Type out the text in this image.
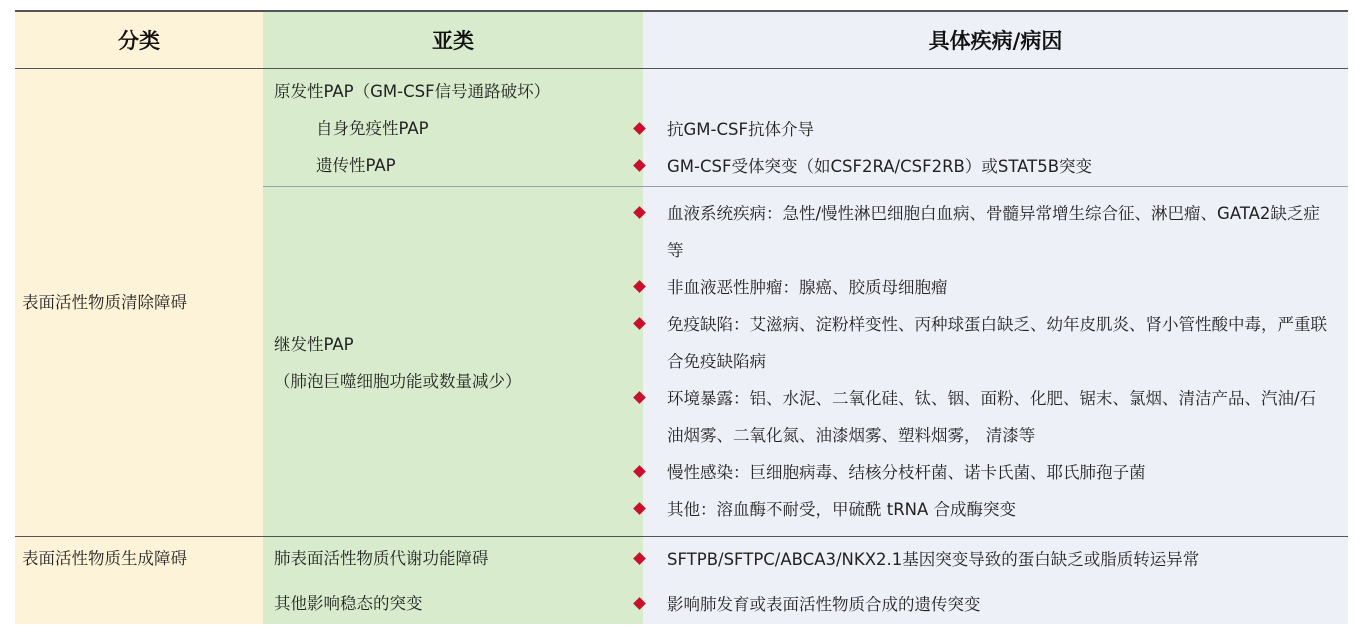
分类	亚类	具体疾病/病因
表面活性物质清除障碍
表面活性物质生成障碍
原发性PAP（GM-CSF信号通路破坏）
自身免疫性PAP
遗传性PAP
继发性PAP
（肺泡巨噬细胞功能或数量减少）
肺表面活性物质代谢功能障碍
其他影响稳态的突变
抗GM-CSF抗体介导
GM-CSF受体突变（如CSF2RA/CSF2RB）或STAT5B突变
血液系统疾病：急性/慢性淋巴细胞白血病、骨髓异常增生综合征、淋巴瘤、GATA2缺乏症等
非血液恶性肿瘤：腺癌、胶质母细胞瘤
免疫缺陷：艾滋病、淀粉样变性、丙种球蛋白缺乏、幼年皮肌炎、肾小管性酸中毒，严重联合免疫缺陷病
环境暴露：铝、水泥、二氧化硅、钛、铟、面粉、化肥、锯末、氯烟、清洁产品、汽油/石油烟雾、二氧化氮、油漆烟雾、塑料烟雾， 清漆等
慢性感染：巨细胞病毒、结核分枝杆菌、诺卡氏菌、耶氏肺孢子菌
其他：溶血酶不耐受，甲硫酰 tRNA 合成酶突变
SFTPB/SFTPC/ABCA3/NKX2.1基因突变导致的蛋白缺乏或脂质转运异常
影响肺发育或表面活性物质合成的遗传突变
